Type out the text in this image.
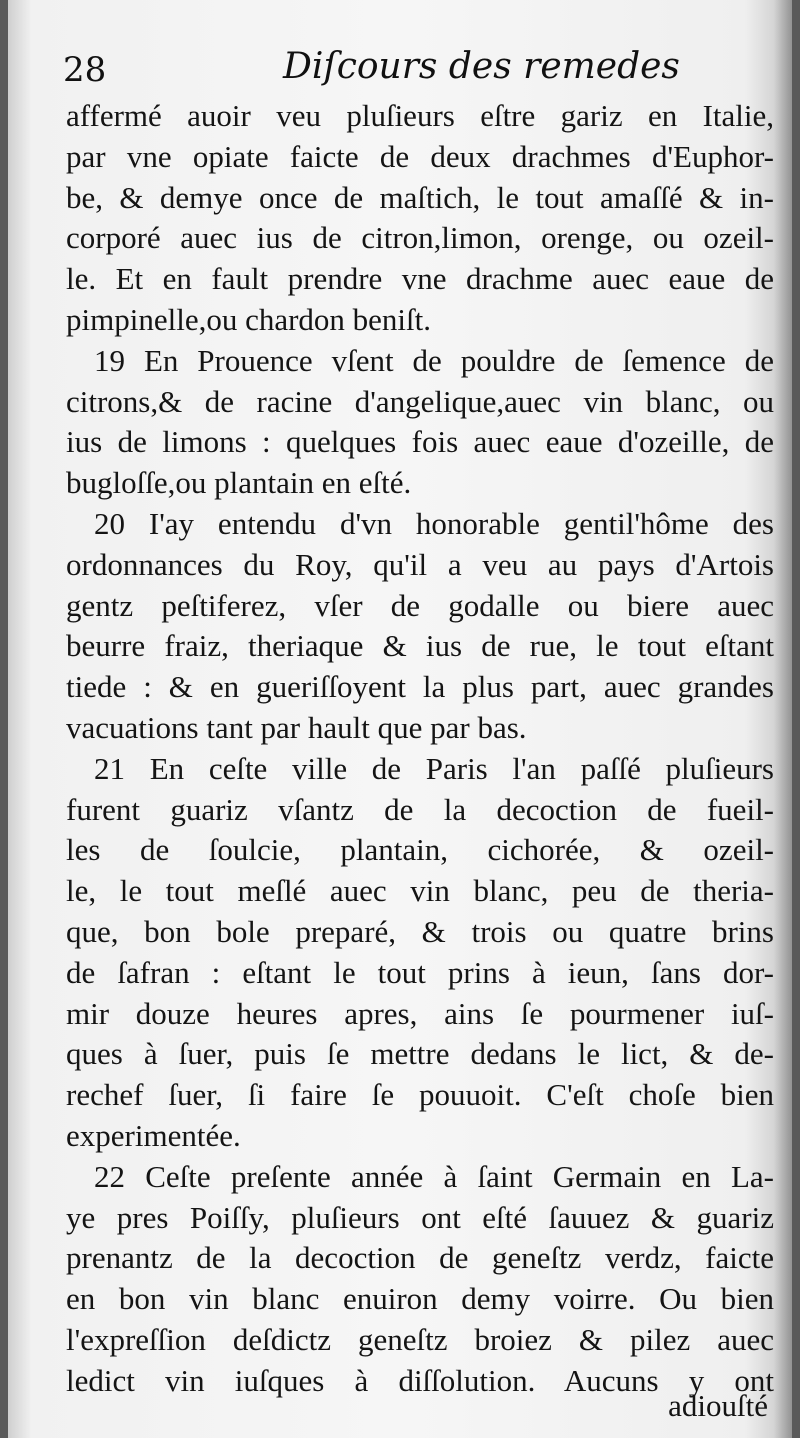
28	Diſcours des remedes
affermé auoir veu pluſieurs eſtre gariz en Italie,
par vne opiate faicte de deux drachmes d'Euphor-
be, & demye once de maſtich, le tout amaſſé & in-
corporé auec ius de citron,limon, orenge, ou ozeil-
le. Et en fault prendre vne drachme auec eaue de
pimpinelle,ou chardon beniſt.
19 En Prouence vſent de pouldre de ſemence de
citrons,& de racine d'angelique,auec vin blanc, ou
ius de limons : quelques fois auec eaue d'ozeille, de
bugloſſe,ou plantain en eſté.
20 I'ay entendu d'vn honorable gentil'hôme des
ordonnances du Roy, qu'il a veu au pays d'Artois
gentz peſtiferez, vſer de godalle ou biere auec
beurre fraiz, theriaque & ius de rue, le tout eſtant
tiede : & en gueriſſoyent la plus part, auec grandes
vacuations tant par hault que par bas.
21 En ceſte ville de Paris l'an paſſé pluſieurs
furent guariz vſantz de la decoction de fueil-
les de ſoulcie, plantain, cichorée, & ozeil-
le, le tout meſlé auec vin blanc, peu de theria-
que, bon bole preparé, & trois ou quatre brins
de ſafran : eſtant le tout prins à ieun, ſans dor-
mir douze heures apres, ains ſe pourmener iuſ-
ques à ſuer, puis ſe mettre dedans le lict, & de-
rechef ſuer, ſi faire ſe pouuoit. C'eſt choſe bien
experimentée.
22 Ceſte preſente année à ſaint Germain en La-
ye pres Poiſſy, pluſieurs ont eſté ſauuez & guariz
prenantz de la decoction de geneſtz verdz, faicte
en bon vin blanc enuiron demy voirre. Ou bien
l'expreſſion deſdictz geneſtz broiez & pilez auec
ledict vin iuſques à diſſolution. Aucuns y ont
adiouſté
